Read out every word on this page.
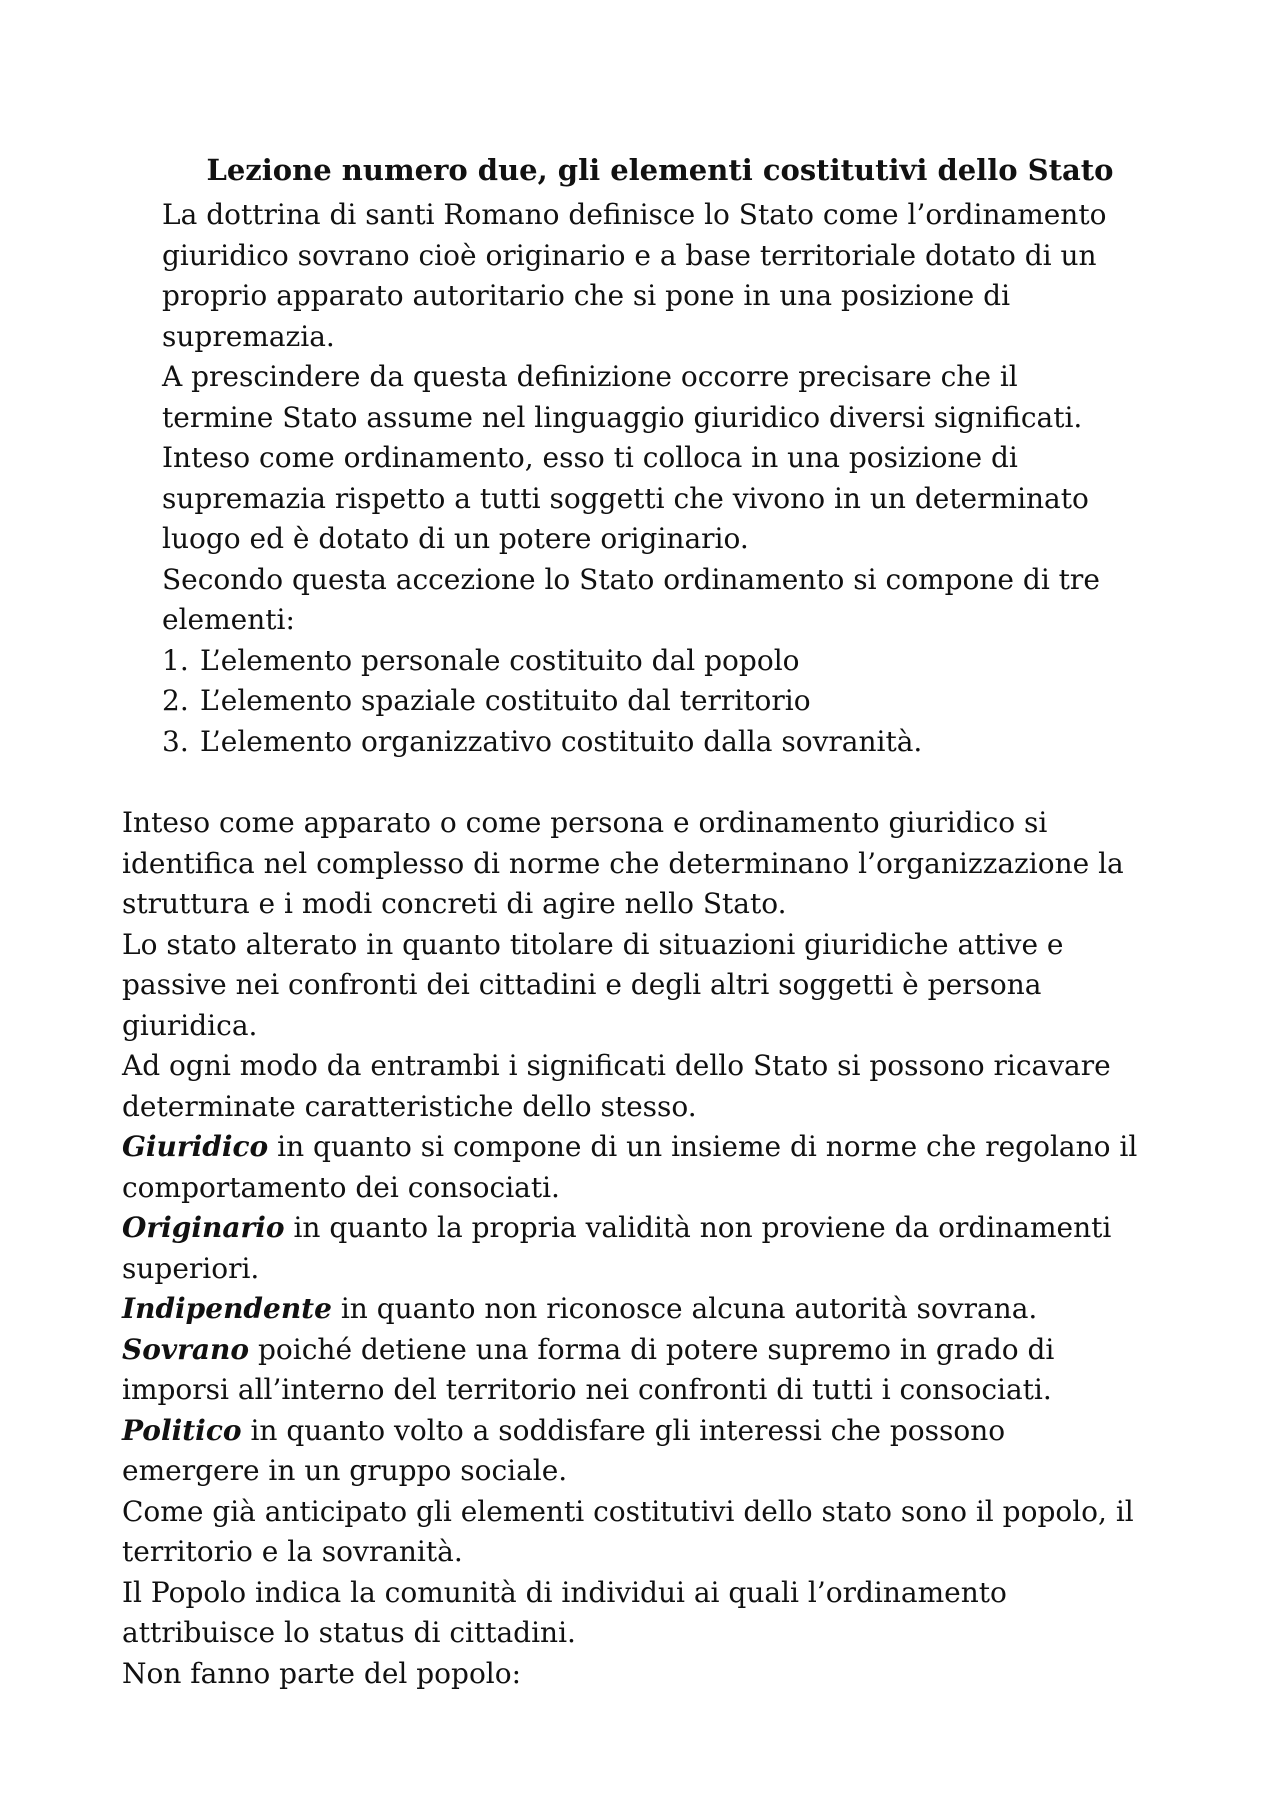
Lezione numero due, gli elementi costitutivi dello Stato

La dottrina di santi Romano definisce lo Stato come l’ordinamento

giuridico sovrano cioè originario e a base territoriale dotato di un

proprio apparato autoritario che si pone in una posizione di

supremazia.

A prescindere da questa definizione occorre precisare che il

termine Stato assume nel linguaggio giuridico diversi significati.

Inteso come ordinamento, esso ti colloca in una posizione di

supremazia rispetto a tutti soggetti che vivono in un determinato

luogo ed è dotato di un potere originario.

Secondo questa accezione lo Stato ordinamento si compone di tre

elementi:

1. L’elemento personale costituito dal popolo
2. L’elemento spaziale costituito dal territorio
3. L’elemento organizzativo costituito dalla sovranità.

Inteso come apparato o come persona e ordinamento giuridico si

identifica nel complesso di norme che determinano l’organizzazione la

struttura e i modi concreti di agire nello Stato.

Lo stato alterato in quanto titolare di situazioni giuridiche attive e

passive nei confronti dei cittadini e degli altri soggetti è persona

giuridica.

Ad ogni modo da entrambi i significati dello Stato si possono ricavare

determinate caratteristiche dello stesso.

Giuridico in quanto si compone di un insieme di norme che regolano il

comportamento dei consociati.

Originario in quanto la propria validità non proviene da ordinamenti

superiori.

Indipendente in quanto non riconosce alcuna autorità sovrana.

Sovrano poiché detiene una forma di potere supremo in grado di

imporsi all’interno del territorio nei confronti di tutti i consociati.

Politico in quanto volto a soddisfare gli interessi che possono

emergere in un gruppo sociale.

Come già anticipato gli elementi costitutivi dello stato sono il popolo, il

territorio e la sovranità.

Il Popolo indica la comunità di individui ai quali l’ordinamento

attribuisce lo status di cittadini.

Non fanno parte del popolo:
